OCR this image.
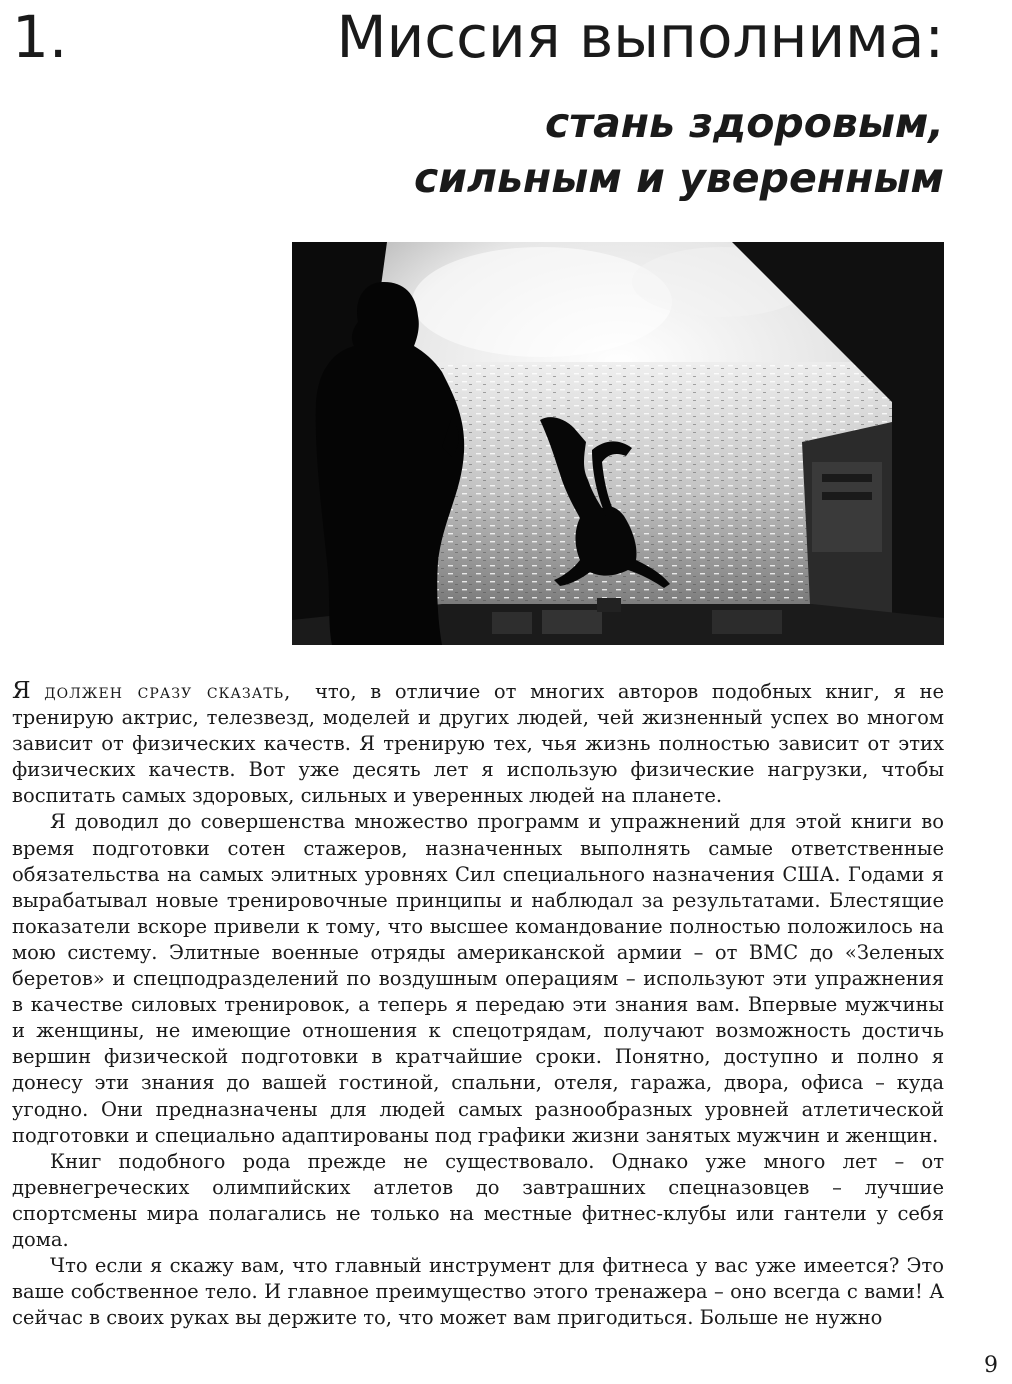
1.	Миссия выполнима:
стань здоровым,
сильным и уверенным

Я должен сразу сказать, что, в отличие от многих авторов подобных книг, я не тренирую актрис, телезвезд, моделей и других людей, чей жизненный успех во многом зависит от физических качеств. Я тренирую тех, чья жизнь полностью зависит от этих физических качеств. Вот уже десять лет я использую физические нагрузки, чтобы воспитать самых здоровых, сильных и уверенных людей на планете.

Я доводил до совершенства множество программ и упражнений для этой книги во время подготовки сотен стажеров, назначенных выполнять самые ответственные обязательства на самых элитных уровнях Сил специального назначения США. Годами я вырабатывал новые тренировочные принципы и наблюдал за результатами. Блестящие показатели вскоре привели к тому, что высшее командование полностью положилось на мою систему. Элитные военные отряды американской армии – от ВМС до «Зеленых беретов» и спецподразделений по воздушным операциям – используют эти упражнения в качестве силовых тренировок, а теперь я передаю эти знания вам. Впервые мужчины и женщины, не имеющие отношения к спецотрядам, получают возможность достичь вершин физической подготовки в кратчайшие сроки. Понятно, доступно и полно я донесу эти знания до вашей гостиной, спальни, отеля, гаража, двора, офиса – куда угодно. Они предназначены для людей самых разнообразных уровней атлетической подготовки и специально адаптированы под графики жизни занятых мужчин и женщин.

Книг подобного рода прежде не существовало. Однако уже много лет – от древнегреческих олимпийских атлетов до завтрашних спецназовцев – лучшие спортсмены мира полагались не только на местные фитнес-клубы или гантели у себя дома.

Что если я скажу вам, что главный инструмент для фитнеса у вас уже имеется? Это ваше собственное тело. И главное преимущество этого тренажера – оно всегда с вами! А сейчас в своих руках вы держите то, что может вам пригодиться. Больше не нужно

9
